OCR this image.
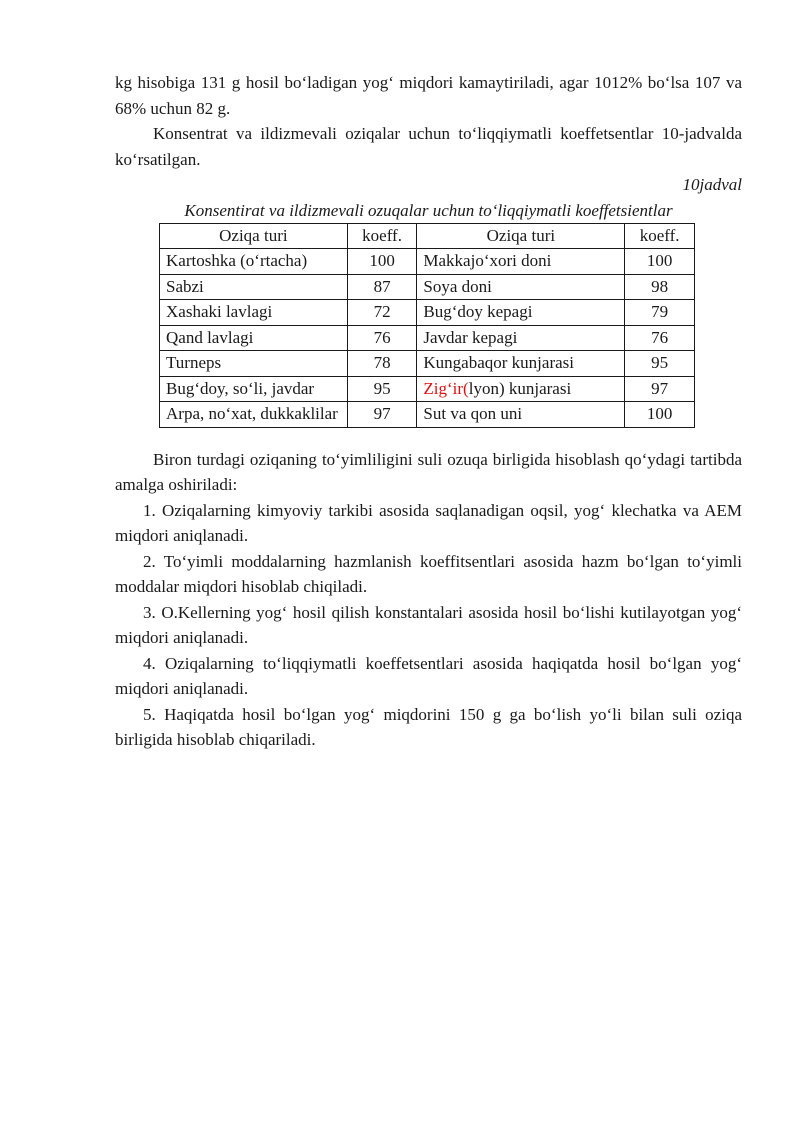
kg hisobiga 131 g hosil bo‘ladigan yog‘ miqdori kamaytiriladi, agar 1012% bo‘lsa 107 va 68% uchun 82 g.

Konsentrat va ildizmevali oziqalar uchun to‘liqqiymatli koeffetsentlar 10-jadvalda ko‘rsatilgan.

10jadval

Konsentirat va ildizmevali ozuqalar uchun to‘liqqiymatli koeffetsientlar

Oziqa turi	koeff.	Oziqa turi	koeff.
Kartoshka (o‘rtacha)	100	Makkajo‘xori doni	100
Sabzi	87	Soya doni	98
Xashaki lavlagi	72	Bug‘doy kepagi	79
Qand lavlagi	76	Javdar kepagi	76
Turneps	78	Kungabaqor kunjarasi	95
Bug‘doy, so‘li, javdar	95	Zig‘ir(lyon) kunjarasi	97
Arpa, no‘xat, dukkaklilar	97	Sut va qon uni	100

Biron turdagi oziqaning to‘yimliligini suli ozuqa birligida hisoblash qo‘ydagi tartibda amalga oshiriladi:

1. Oziqalarning kimyoviy tarkibi asosida saqlanadigan oqsil, yog‘ klechatka va AEM miqdori aniqlanadi.

2. To‘yimli moddalarning hazmlanish koeffitsentlari asosida hazm bo‘lgan to‘yimli moddalar miqdori hisoblab chiqiladi.

3. O.Kellerning yog‘ hosil qilish konstantalari asosida hosil bo‘lishi kutilayotgan yog‘ miqdori aniqlanadi.

4. Oziqalarning to‘liqqiymatli koeffetsentlari asosida haqiqatda hosil bo‘lgan yog‘ miqdori aniqlanadi.

5. Haqiqatda hosil bo‘lgan yog‘ miqdorini 150 g ga bo‘lish yo‘li bilan suli oziqa birligida hisoblab chiqariladi.
